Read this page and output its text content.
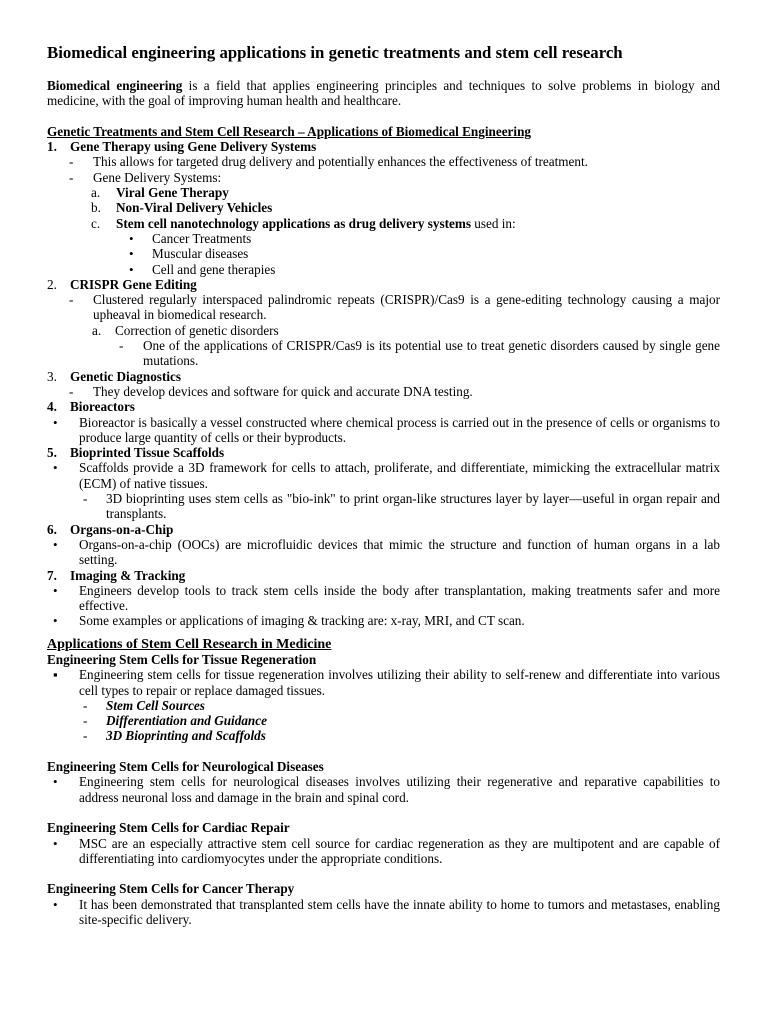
Biomedical engineering applications in genetic treatments and stem cell research
Biomedical engineering is a field that applies engineering principles and techniques to solve problems in biology and medicine, with the goal of improving human health and healthcare.
Genetic Treatments and Stem Cell Research – Applications of Biomedical Engineering
1. Gene Therapy using Gene Delivery Systems
- This allows for targeted drug delivery and potentially enhances the effectiveness of treatment.
- Gene Delivery Systems:
a. Viral Gene Therapy
b. Non-Viral Delivery Vehicles
c. Stem cell nanotechnology applications as drug delivery systems used in:
• Cancer Treatments
• Muscular diseases
• Cell and gene therapies
2. CRISPR Gene Editing
- Clustered regularly interspaced palindromic repeats (CRISPR)/Cas9 is a gene-editing technology causing a major upheaval in biomedical research.
a. Correction of genetic disorders
- One of the applications of CRISPR/Cas9 is its potential use to treat genetic disorders caused by single gene mutations.
3. Genetic Diagnostics
- They develop devices and software for quick and accurate DNA testing.
4. Bioreactors
• Bioreactor is basically a vessel constructed where chemical process is carried out in the presence of cells or organisms to produce large quantity of cells or their byproducts.
5. Bioprinted Tissue Scaffolds
• Scaffolds provide a 3D framework for cells to attach, proliferate, and differentiate, mimicking the extracellular matrix (ECM) of native tissues.
- 3D bioprinting uses stem cells as "bio-ink" to print organ-like structures layer by layer—useful in organ repair and transplants.
6. Organs-on-a-Chip
• Organs-on-a-chip (OOCs) are microfluidic devices that mimic the structure and function of human organs in a lab setting.
7. Imaging & Tracking
• Engineers develop tools to track stem cells inside the body after transplantation, making treatments safer and more effective.
• Some examples or applications of imaging & tracking are: x-ray, MRI, and CT scan.
Applications of Stem Cell Research in Medicine
Engineering Stem Cells for Tissue Regeneration
▪ Engineering stem cells for tissue regeneration involves utilizing their ability to self-renew and differentiate into various cell types to repair or replace damaged tissues.
- Stem Cell Sources
- Differentiation and Guidance
- 3D Bioprinting and Scaffolds
Engineering Stem Cells for Neurological Diseases
• Engineering stem cells for neurological diseases involves utilizing their regenerative and reparative capabilities to address neuronal loss and damage in the brain and spinal cord.
Engineering Stem Cells for Cardiac Repair
• MSC are an especially attractive stem cell source for cardiac regeneration as they are multipotent and are capable of differentiating into cardiomyocytes under the appropriate conditions.
Engineering Stem Cells for Cancer Therapy
• It has been demonstrated that transplanted stem cells have the innate ability to home to tumors and metastases, enabling site-specific delivery.
